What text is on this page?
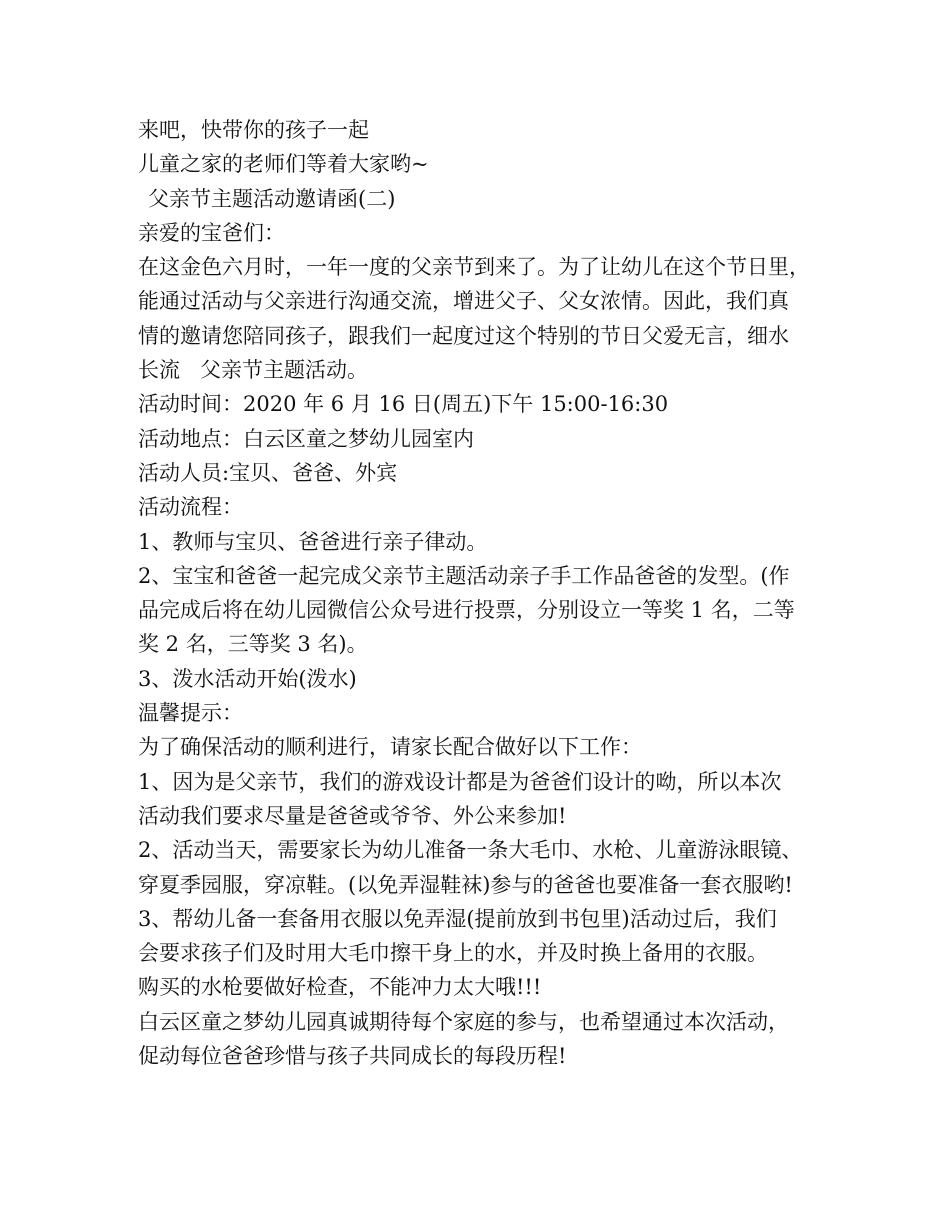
来吧，快带你的孩子一起
儿童之家的老师们等着大家哟~
父亲节主题活动邀请函(二)
亲爱的宝爸们：
在这金色六月时，一年一度的父亲节到来了。为了让幼儿在这个节日里，
能通过活动与父亲进行沟通交流，增进父子、父女浓情。因此，我们真
情的邀请您陪同孩子，跟我们一起度过这个特别的节日父爱无言，细水
长流   父亲节主题活动。
活动时间：2020 年 6 月 16 日(周五)下午 15:00-16:30
活动地点：白云区童之梦幼儿园室内
活动人员:宝贝、爸爸、外宾
活动流程：
1、教师与宝贝、爸爸进行亲子律动。
2、宝宝和爸爸一起完成父亲节主题活动亲子手工作品爸爸的发型。(作
品完成后将在幼儿园微信公众号进行投票，分别设立一等奖 1 名，二等
奖 2 名，三等奖 3 名)。
3、泼水活动开始(泼水)
温馨提示：
为了确保活动的顺利进行，请家长配合做好以下工作：
1、因为是父亲节，我们的游戏设计都是为爸爸们设计的呦，所以本次
活动我们要求尽量是爸爸或爷爷、外公来参加!
2、活动当天，需要家长为幼儿准备一条大毛巾、水枪、儿童游泳眼镜、
穿夏季园服，穿凉鞋。(以免弄湿鞋袜)参与的爸爸也要准备一套衣服哟!
3、帮幼儿备一套备用衣服以免弄湿(提前放到书包里)活动过后，我们
会要求孩子们及时用大毛巾擦干身上的水，并及时换上备用的衣服。
购买的水枪要做好检查，不能冲力太大哦!!!
白云区童之梦幼儿园真诚期待每个家庭的参与，也希望通过本次活动，
促动每位爸爸珍惜与孩子共同成长的每段历程!
